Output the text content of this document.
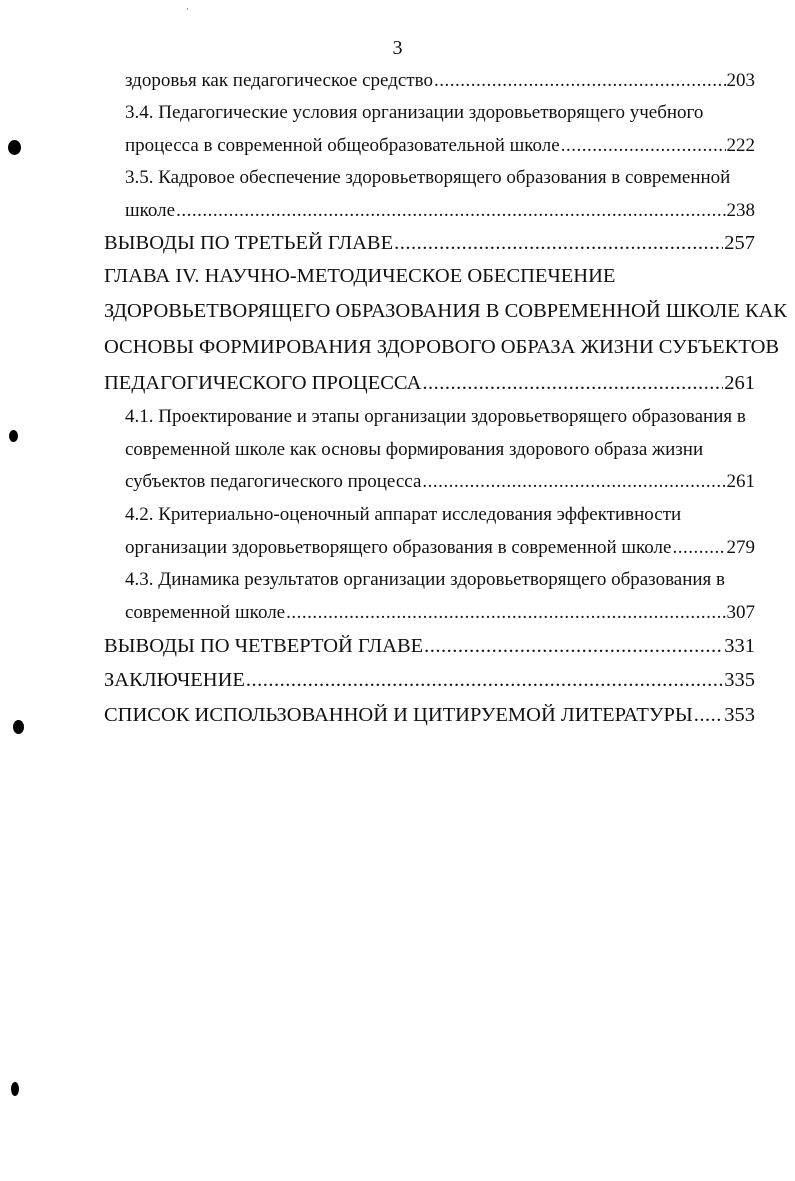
3
здоровья как педагогическое средство .....	203
3.4. Педагогические условия организации здоровьетворящего учебного
процесса в современной общеобразовательной школе .....	222
3.5. Кадровое обеспечение здоровьетворящего образования в современной
школе .....	238
ВЫВОДЫ ПО ТРЕТЬЕЙ ГЛАВЕ .....	257
ГЛАВА IV. НАУЧНО-МЕТОДИЧЕСКОЕ ОБЕСПЕЧЕНИЕ
ЗДОРОВЬЕТВОРЯЩЕГО ОБРАЗОВАНИЯ В СОВРЕМЕННОЙ ШКОЛЕ КАК
ОСНОВЫ ФОРМИРОВАНИЯ ЗДОРОВОГО ОБРАЗА ЖИЗНИ СУБЪЕКТОВ
ПЕДАГОГИЧЕСКОГО ПРОЦЕССА .....	261
4.1. Проектирование и этапы организации здоровьетворящего образования в
современной школе как основы формирования здорового образа жизни
субъектов педагогического процесса .....	261
4.2. Критериально-оценочный аппарат исследования эффективности
организации здоровьетворящего образования в современной школе .....	279
4.3. Динамика результатов организации здоровьетворящего образования в
современной школе .....	307
ВЫВОДЫ ПО ЧЕТВЕРТОЙ ГЛАВЕ .....	331
ЗАКЛЮЧЕНИЕ .....	335
СПИСОК ИСПОЛЬЗОВАННОЙ И ЦИТИРУЕМОЙ ЛИТЕРАТУРЫ ..... 353
